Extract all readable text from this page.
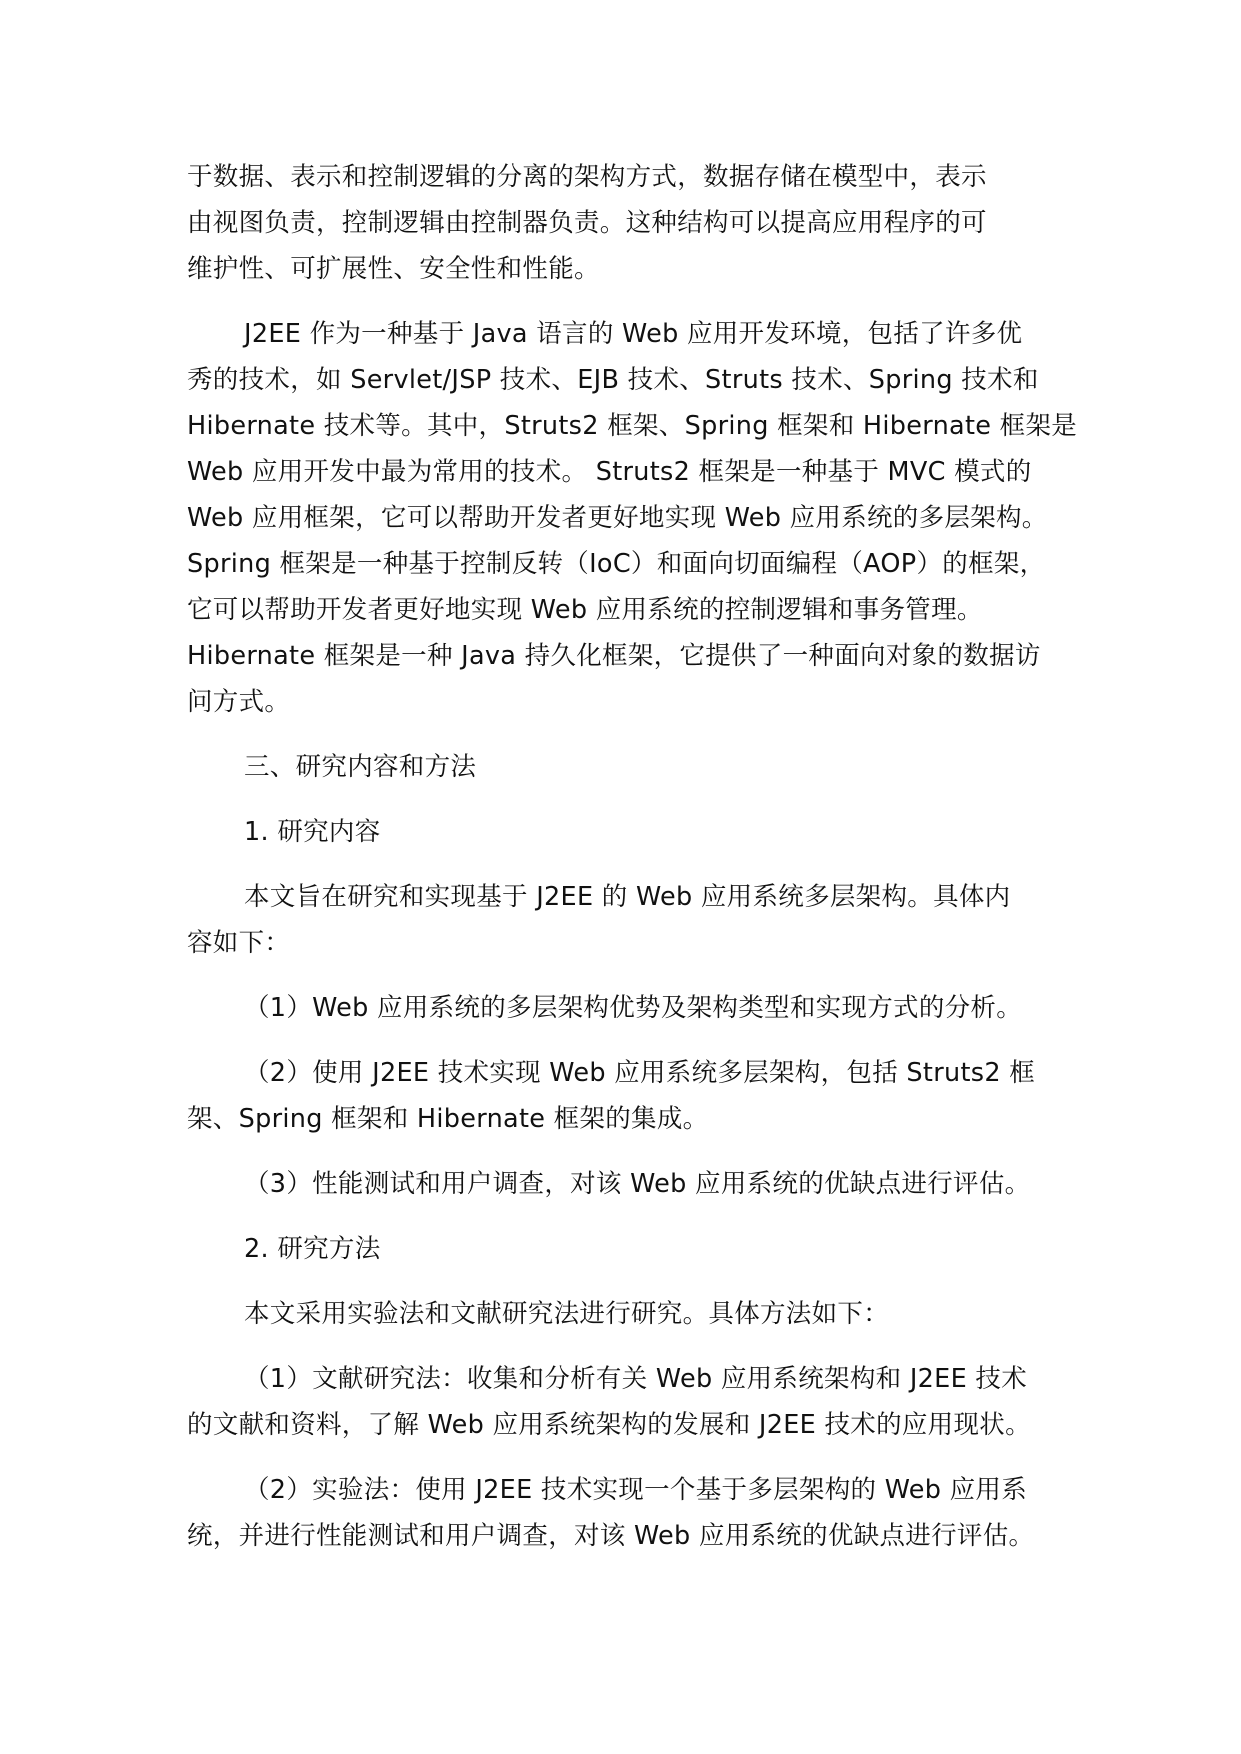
于数据、表示和控制逻辑的分离的架构方式，数据存储在模型中，表示
由视图负责，控制逻辑由控制器负责。这种结构可以提高应用程序的可
维护性、可扩展性、安全性和性能。

J2EE 作为一种基于 Java 语言的 Web 应用开发环境，包括了许多优
秀的技术，如 Servlet/JSP 技术、EJB 技术、Struts 技术、Spring 技术和
Hibernate 技术等。其中，Struts2 框架、Spring 框架和 Hibernate 框架是
Web 应用开发中最为常用的技术。 Struts2 框架是一种基于 MVC 模式的
Web 应用框架，它可以帮助开发者更好地实现 Web 应用系统的多层架构。
Spring 框架是一种基于控制反转（IoC）和面向切面编程（AOP）的框架，
它可以帮助开发者更好地实现 Web 应用系统的控制逻辑和事务管理。
Hibernate 框架是一种 Java 持久化框架，它提供了一种面向对象的数据访
问方式。

三、研究内容和方法

1. 研究内容

本文旨在研究和实现基于 J2EE 的 Web 应用系统多层架构。具体内
容如下：

（1）Web 应用系统的多层架构优势及架构类型和实现方式的分析。

（2）使用 J2EE 技术实现 Web 应用系统多层架构，包括 Struts2 框
架、Spring 框架和 Hibernate 框架的集成。

（3）性能测试和用户调查，对该 Web 应用系统的优缺点进行评估。

2. 研究方法

本文采用实验法和文献研究法进行研究。具体方法如下：

（1）文献研究法：收集和分析有关 Web 应用系统架构和 J2EE 技术
的文献和资料，了解 Web 应用系统架构的发展和 J2EE 技术的应用现状。

（2）实验法：使用 J2EE 技术实现一个基于多层架构的 Web 应用系
统，并进行性能测试和用户调查，对该 Web 应用系统的优缺点进行评估。
